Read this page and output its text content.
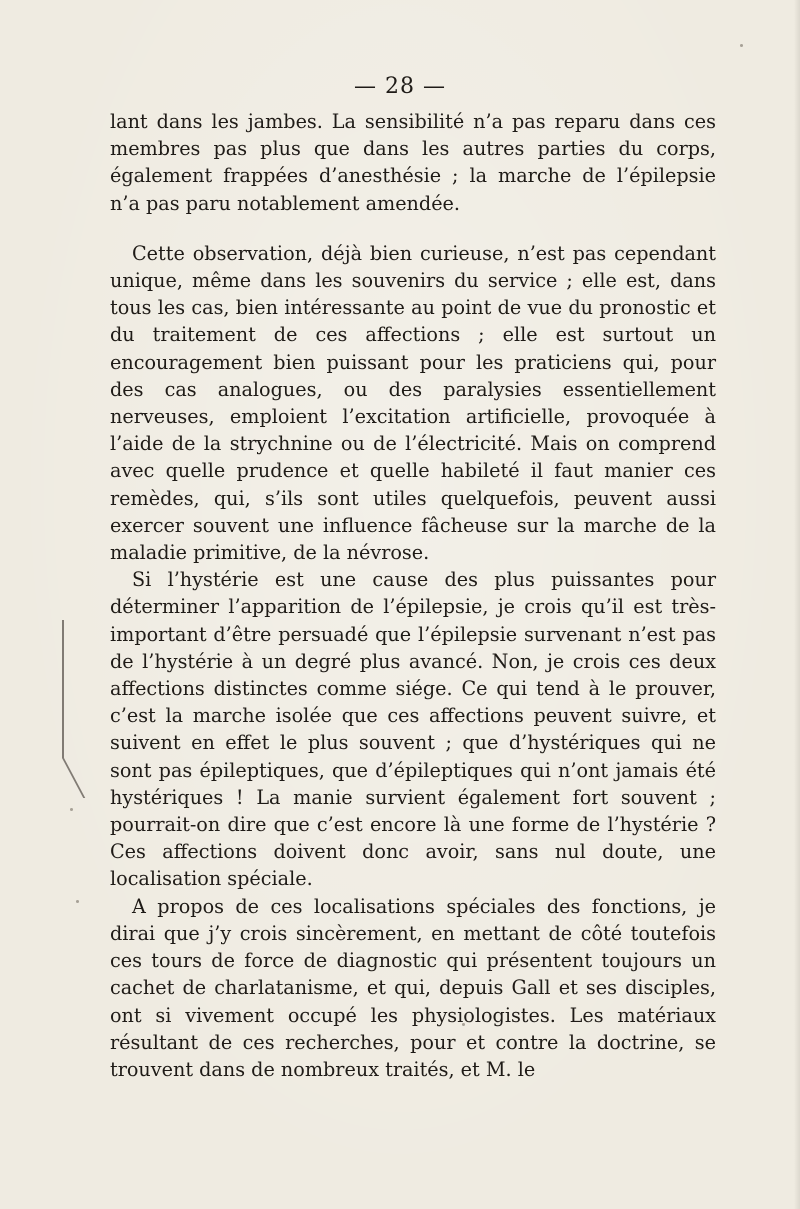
— 28 —

lant dans les jambes. La sensibilité n’a pas reparu dans ces membres pas plus que dans les autres parties du corps, également frappées d’anesthésie ; la marche de l’épilepsie n’a pas paru notablement amendée.

Cette observation, déjà bien curieuse, n’est pas cependant unique, même dans les souvenirs du service ; elle est, dans tous les cas, bien intéressante au point de vue du pronostic et du traitement de ces affections ; elle est surtout un encouragement bien puissant pour les praticiens qui, pour des cas analogues, ou des paralysies essentiellement nerveuses, emploient l’excitation artificielle, provoquée à l’aide de la strychnine ou de l’électricité. Mais on comprend avec quelle prudence et quelle habileté il faut manier ces remèdes, qui, s’ils sont utiles quelquefois, peuvent aussi exercer souvent une influence fâcheuse sur la marche de la maladie primitive, de la névrose.

Si l’hystérie est une cause des plus puissantes pour déterminer l’apparition de l’épilepsie, je crois qu’il est très-important d’être persuadé que l’épilepsie survenant n’est pas de l’hystérie à un degré plus avancé. Non, je crois ces deux affections distinctes comme siége. Ce qui tend à le prouver, c’est la marche isolée que ces affections peuvent suivre, et suivent en effet le plus souvent ; que d’hystériques qui ne sont pas épileptiques, que d’épileptiques qui n’ont jamais été hystériques ! La manie survient également fort souvent ; pourrait-on dire que c’est encore là une forme de l’hystérie ? Ces affections doivent donc avoir, sans nul doute, une localisation spéciale.

A propos de ces localisations spéciales des fonctions, je dirai que j’y crois sincèrement, en mettant de côté toutefois ces tours de force de diagnostic qui présentent toujours un cachet de charlatanisme, et qui, depuis Gall et ses disciples, ont si vivement occupé les physiologistes. Les matériaux résultant de ces recherches, pour et contre la doctrine, se trouvent dans de nombreux traités, et M. le
